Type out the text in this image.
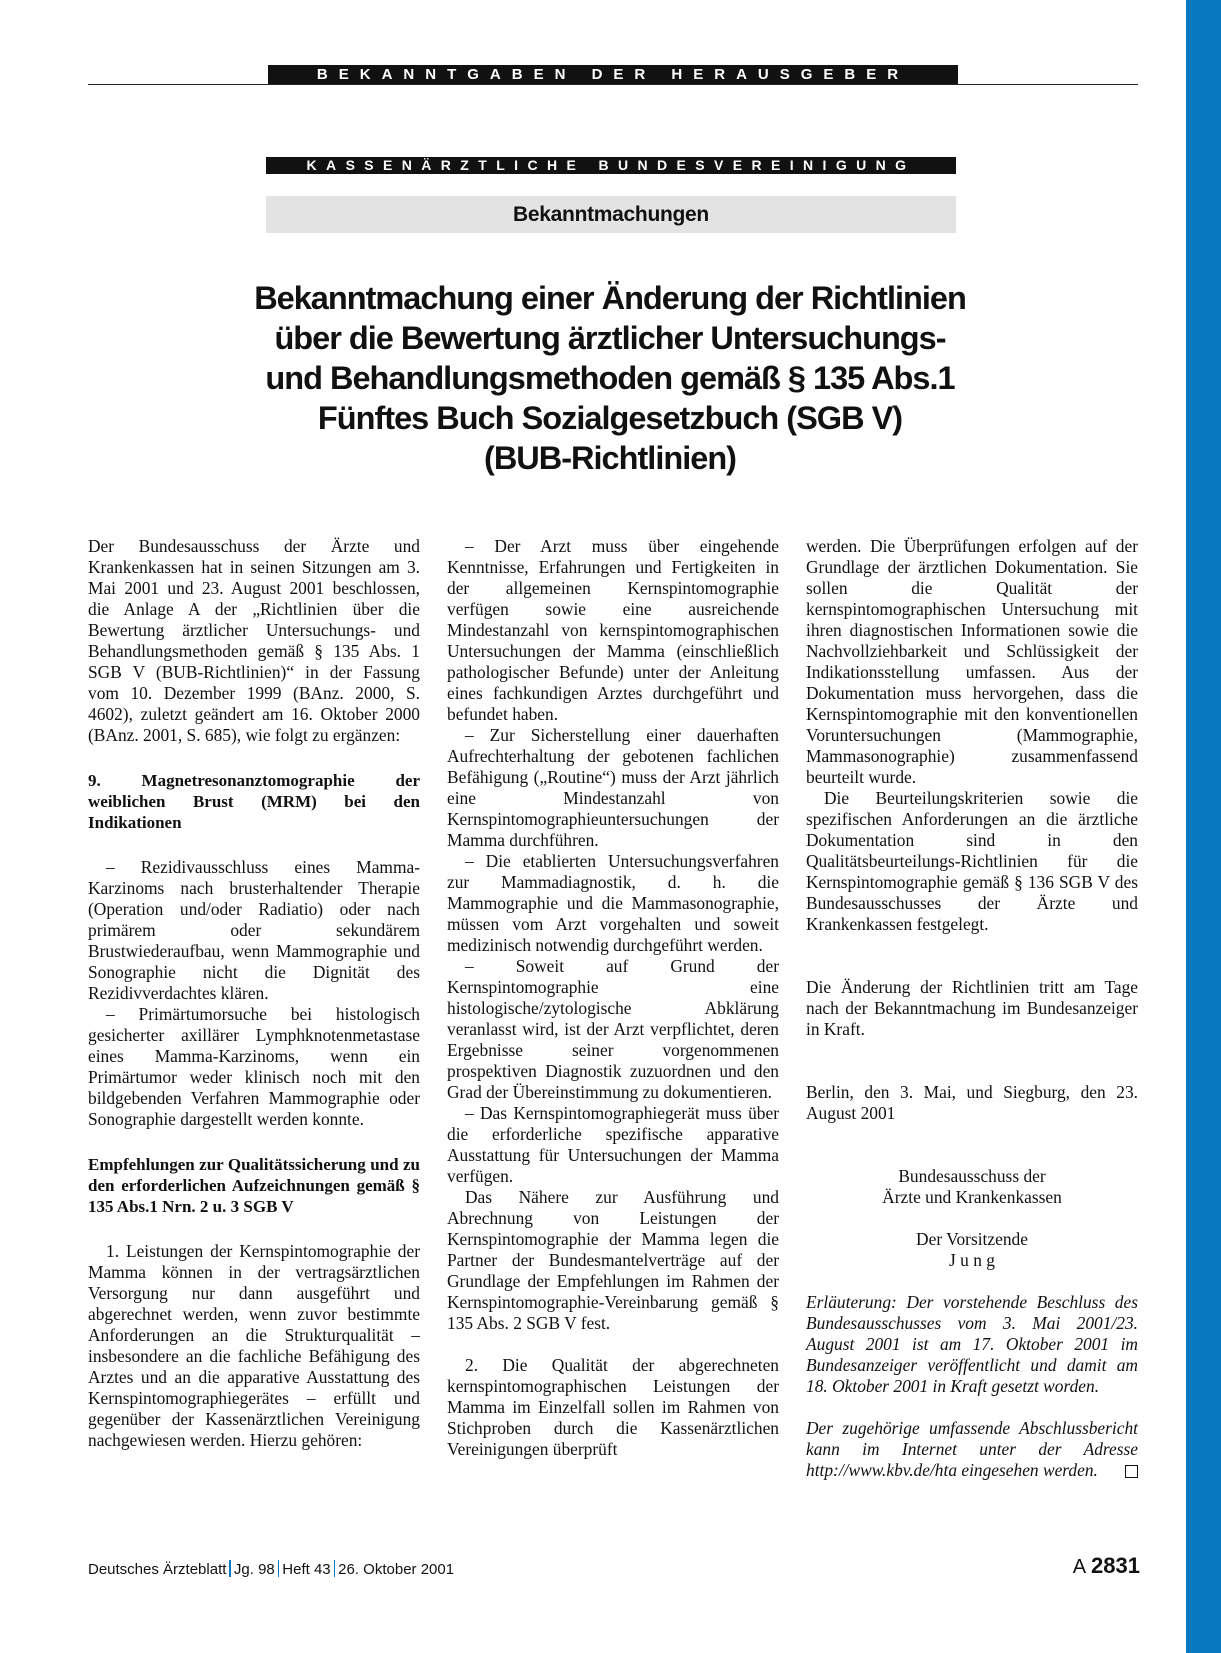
BEKANNTGABEN DER HERAUSGEBER
KASSENÄRZTLICHE BUNDESVEREINIGUNG
Bekanntmachungen
Bekanntmachung einer Änderung der Richtlinien
über die Bewertung ärztlicher Untersuchungs-
und Behandlungsmethoden gemäß § 135 Abs.1
Fünftes Buch Sozialgesetzbuch (SGB V)
(BUB-Richtlinien)

Der Bundesausschuss der Ärzte und Krankenkassen hat in seinen Sitzungen am 3. Mai 2001 und 23. August 2001 beschlossen, die Anlage A der „Richtlinien über die Bewertung ärztlicher Untersuchungs- und Behandlungsmethoden gemäß § 135 Abs. 1 SGB V (BUB-Richtlinien)“ in der Fassung vom 10. Dezember 1999 (BAnz. 2000, S. 4602), zuletzt geändert am 16. Oktober 2000 (BAnz. 2001, S. 685), wie folgt zu ergänzen:

9. Magnetresonanztomographie der weiblichen Brust (MRM) bei den Indikationen

– Rezidivausschluss eines Mamma-Karzinoms nach brusterhaltender Therapie (Operation und/oder Radiatio) oder nach primärem oder sekundärem Brustwiederaufbau, wenn Mammographie und Sonographie nicht die Dignität des Rezidivverdachtes klären.

– Primärtumorsuche bei histologisch gesicherter axillärer Lymphknotenmetastase eines Mamma-Karzinoms, wenn ein Primärtumor weder klinisch noch mit den bildgebenden Verfahren Mammographie oder Sonographie dargestellt werden konnte.

Empfehlungen zur Qualitätssicherung und zu den erforderlichen Aufzeichnungen gemäß § 135 Abs.1 Nrn. 2 u. 3 SGB V

1. Leistungen der Kernspintomographie der Mamma können in der vertragsärztlichen Versorgung nur dann ausgeführt und abgerechnet werden, wenn zuvor bestimmte Anforderungen an die Strukturqualität – insbesondere an die fachliche Befähigung des Arztes und an die apparative Ausstattung des Kernspintomographiegerätes – erfüllt und gegenüber der Kassenärztlichen Vereinigung nachgewiesen werden. Hierzu gehören:

– Der Arzt muss über eingehende Kenntnisse, Erfahrungen und Fertigkeiten in der allgemeinen Kernspintomographie verfügen sowie eine ausreichende Mindestanzahl von kernspintomographischen Untersuchungen der Mamma (einschließlich pathologischer Befunde) unter der Anleitung eines fachkundigen Arztes durchgeführt und befundet haben.

– Zur Sicherstellung einer dauerhaften Aufrechterhaltung der gebotenen fachlichen Befähigung („Routine“) muss der Arzt jährlich eine Mindestanzahl von Kernspintomographieuntersuchungen der Mamma durchführen.

– Die etablierten Untersuchungsverfahren zur Mammadiagnostik, d. h. die Mammographie und die Mammasonographie, müssen vom Arzt vorgehalten und soweit medizinisch notwendig durchgeführt werden.

– Soweit auf Grund der Kernspintomographie eine histologische/zytologische Abklärung veranlasst wird, ist der Arzt verpflichtet, deren Ergebnisse seiner vorgenommenen prospektiven Diagnostik zuzuordnen und den Grad der Übereinstimmung zu dokumentieren.

– Das Kernspintomographiegerät muss über die erforderliche spezifische apparative Ausstattung für Untersuchungen der Mamma verfügen.

Das Nähere zur Ausführung und Abrechnung von Leistungen der Kernspintomographie der Mamma legen die Partner der Bundesmantelverträge auf der Grundlage der Empfehlungen im Rahmen der Kernspintomographie-Vereinbarung gemäß § 135 Abs. 2 SGB V fest.

2. Die Qualität der abgerechneten kernspintomographischen Leistungen der Mamma im Einzelfall sollen im Rahmen von Stichproben durch die Kassenärztlichen Vereinigungen überprüft

werden. Die Überprüfungen erfolgen auf der Grundlage der ärztlichen Dokumentation. Sie sollen die Qualität der kernspintomographischen Untersuchung mit ihren diagnostischen Informationen sowie die Nachvollziehbarkeit und Schlüssigkeit der Indikationsstellung umfassen. Aus der Dokumentation muss hervorgehen, dass die Kernspintomographie mit den konventionellen Voruntersuchungen (Mammographie, Mammasonographie) zusammenfassend beurteilt wurde.

Die Beurteilungskriterien sowie die spezifischen Anforderungen an die ärztliche Dokumentation sind in den Qualitätsbeurteilungs-Richtlinien für die Kernspintomographie gemäß § 136 SGB V des Bundesausschusses der Ärzte und Krankenkassen festgelegt.

Die Änderung der Richtlinien tritt am Tage nach der Bekanntmachung im Bundesanzeiger in Kraft.

Berlin, den 3. Mai, und Siegburg, den 23. August 2001

Bundesausschuss der

Ärzte und Krankenkassen

Der Vorsitzende

J u n g

Erläuterung: Der vorstehende Beschluss des Bundesausschusses vom 3. Mai 2001/23. August 2001 ist am 17. Oktober 2001 im Bundesanzeiger veröffentlicht und damit am 18. Oktober 2001 in Kraft gesetzt worden.

Der zugehörige umfassende Abschlussbericht kann im Internet unter der Adresse http://www.kbv.de/hta eingesehen werden.

Deutsches Ärzteblatt Jg. 98 Heft 43 26. Oktober 2001	A 2831
